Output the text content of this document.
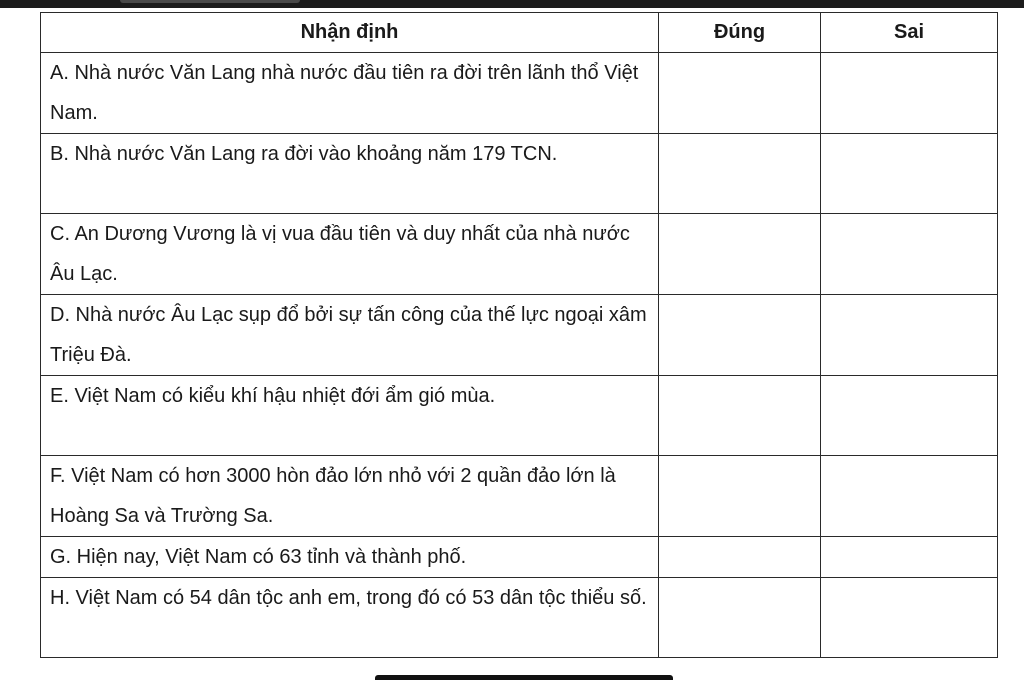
Nhận định	Đúng	Sai
A. Nhà nước Văn Lang nhà nước đầu tiên ra đời trên lãnh thổ Việt Nam.		
B. Nhà nước Văn Lang ra đời vào khoảng năm 179 TCN.		
C. An Dương Vương là vị vua đầu tiên và duy nhất của nhà nước Âu Lạc.		
D. Nhà nước Âu Lạc sụp đổ bởi sự tấn công của thế lực ngoại xâm Triệu Đà.		
E. Việt Nam có kiểu khí hậu nhiệt đới ẩm gió mùa.		
F. Việt Nam có hơn 3000 hòn đảo lớn nhỏ với 2 quần đảo lớn là Hoàng Sa và Trường Sa.		
G. Hiện nay, Việt Nam có 63 tỉnh và thành phố.		
H. Việt Nam có 54 dân tộc anh em, trong đó có 53 dân tộc thiểu số.		
